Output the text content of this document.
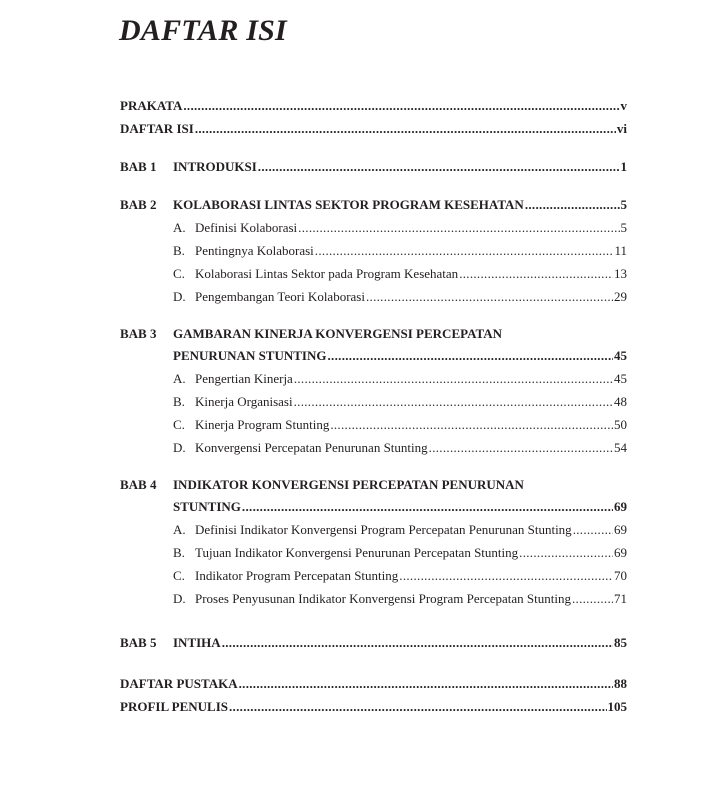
DAFTAR ISI
PRAKATA .....	v
DAFTAR ISI .....	vi
BAB 1	INTRODUKSI .....	1
BAB 2	KOLABORASI LINTAS SEKTOR PROGRAM KESEHATAN .....	5
A. Definisi Kolaborasi .....	5
B. Pentingnya Kolaborasi .....	11
C. Kolaborasi Lintas Sektor pada Program Kesehatan .....	13
D. Pengembangan Teori Kolaborasi .....	29
BAB 3	GAMBARAN KINERJA KONVERGENSI PERCEPATAN
PENURUNAN STUNTING .....	45
A. Pengertian Kinerja .....	45
B. Kinerja Organisasi .....	48
C. Kinerja Program Stunting .....	50
D. Konvergensi Percepatan Penurunan Stunting .....	54
BAB 4	INDIKATOR KONVERGENSI PERCEPATAN PENURUNAN
STUNTING .....	69
A. Definisi Indikator Konvergensi Program Percepatan Penurunan Stunting .....	69
B. Tujuan Indikator Konvergensi Penurunan Percepatan Stunting .....	69
C. Indikator Program Percepatan Stunting .....	70
D. Proses Penyusunan Indikator Konvergensi Program Percepatan Stunting .....	71
BAB 5	INTIHA .....	85
DAFTAR PUSTAKA .....	88
PROFIL PENULIS .....	105
